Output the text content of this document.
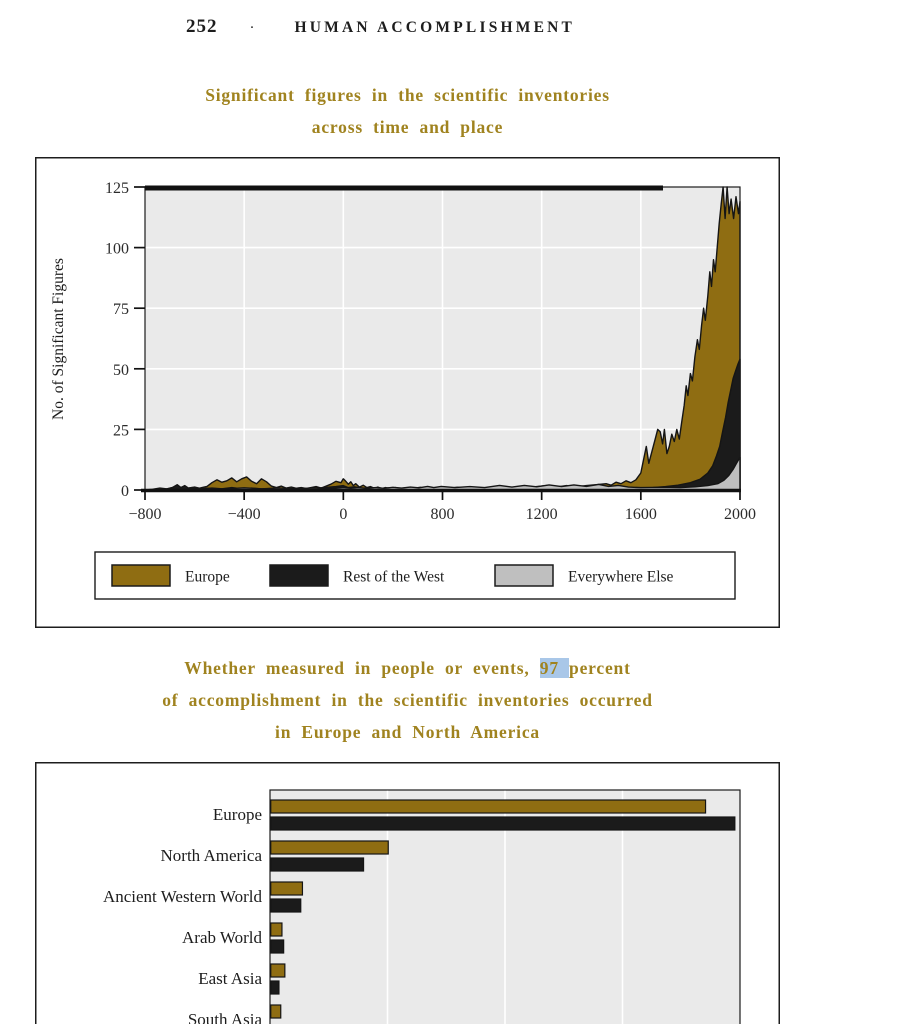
252 ·	HUMAN ACCOMPLISHMENT
Significant figures in the scientific inventories
across time and place
0
25
50
75
100
125
−800	−400	0	800	1200	1600	2000
No. of Significant Figures
Europe	Rest of the West	Everywhere Else
Whether measured in people or events, 97 percent
of accomplishment in the scientific inventories occurred
in Europe and North America
Europe
North America
Ancient Western World
Arab World
East Asia
South Asia
